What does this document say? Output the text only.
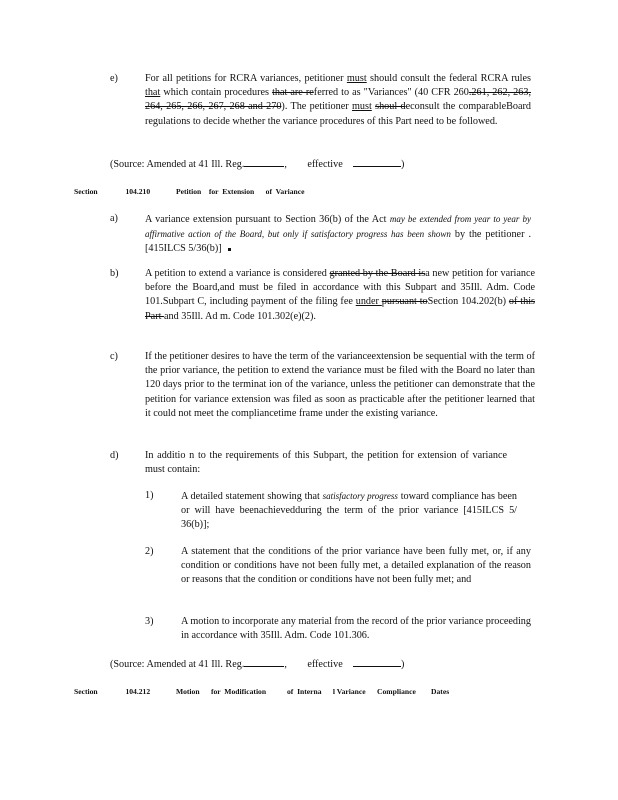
e)	For all petitions for RCRA variances, petitioner must should consult the federal RCRA rules that which contain procedures that are referred to as "Variances" (40 CFR 260.261, 262, 263, 264, 265, 266, 267, 268 and 270). The petitioner must shoul deconsult the comparableBoard regulations to decide whether the variance procedures of this Part need to be followed.
(Source: Amended at 41 Ill. Reg.	,        effective	)
Section	104.210	Petition    for  Extension      of  Variance
a)	A variance extension pursuant to Section 36(b) of the Act may be extended from year to year by affirmative action of the Board, but only if satisfactory progress has been shown by the petitioner . [415ILCS 5/36(b)]
b)	A petition to extend a variance is considered granted by the Board isa new petition for variance before the Board,and must be filed in accordance with this Subpart and 35Ill. Adm. Code 101.Subpart C, including payment of the filing fee under pursuant toSection 104.202(b) of this Part and 35Ill. Ad m. Code 101.302(e)(2).
c)	If the petitioner desires to have the term of the varianceextension be sequential with the term of the prior variance, the petition to extend the variance must be filed with the Board no later than 120 days prior to the terminat ion of the variance, unless the petitioner can demonstrate that the petition for variance extension was filed as soon as practicable after the petitioner learned that it could not meet the compliancetime frame under the existing variance.
d)	In additio n to the requirements of this Subpart, the petition for extension of variance must contain:
1)	A detailed statement showing that satisfactory progress toward compliance has been or will have beenachievedduring the term of the prior variance [415ILCS 5/ 36(b)];
2)	A statement that the conditions of the prior variance have been fully met, or, if any condition or conditions have not been fully met, a detailed explanation of the reason or reasons that the condition or conditions have not been fully met; and
3)	A motion to incorporate any material from the record of the prior variance proceeding in accordance with 35Ill. Adm. Code 101.306.
(Source: Amended at 41 Ill. Reg.	,        effective	)
Section	104.212	Motion      for  Modification           of  Interna      l Variance      Compliance        Dates
